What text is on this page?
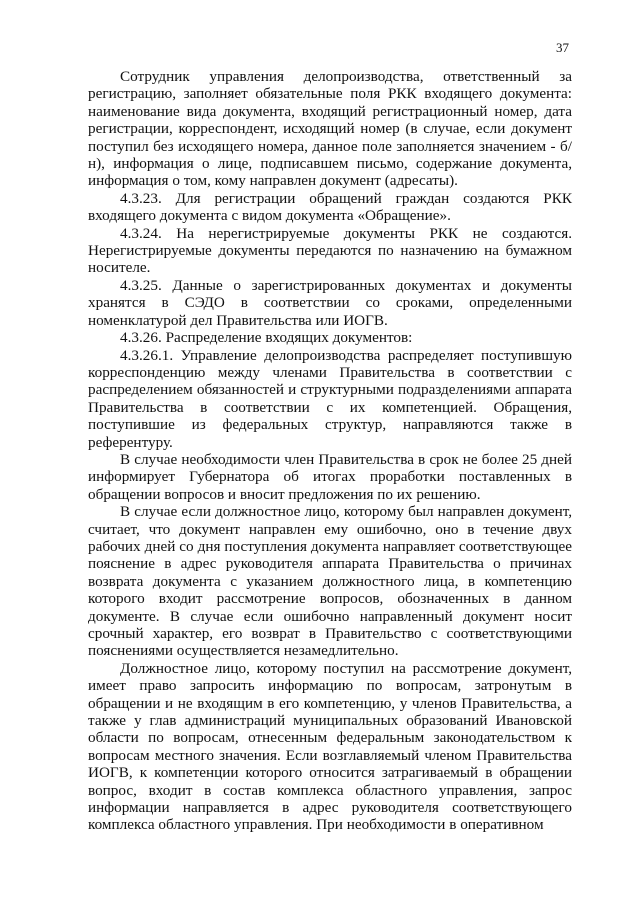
37

Сотрудник управления делопроизводства, ответственный за регистрацию, заполняет обязательные поля РКК входящего документа: наименование вида документа, входящий регистрационный номер, дата регистрации, корреспондент, исходящий номер (в случае, если документ поступил без исходящего номера, данное поле заполняется значением - б/н), информация о лице, подписавшем письмо, содержание документа, информация о том, кому направлен документ (адресаты).

4.3.23. Для регистрации обращений граждан создаются РКК входящего документа с видом документа «Обращение».

4.3.24. На нерегистрируемые документы РКК не создаются. Нерегистрируемые документы передаются по назначению на бумажном носителе.

4.3.25. Данные о зарегистрированных документах и документы хранятся в СЭДО в соответствии со сроками, определенными номенклатурой дел Правительства или ИОГВ.

4.3.26. Распределение входящих документов:

4.3.26.1. Управление делопроизводства распределяет поступившую корреспонденцию между членами Правительства в соответствии с распределением обязанностей и структурными подразделениями аппарата Правительства в соответствии с их компетенцией. Обращения, поступившие из федеральных структур, направляются также в референтуру.

В случае необходимости член Правительства в срок не более 25 дней информирует Губернатора об итогах проработки поставленных в обращении вопросов и вносит предложения по их решению.

В случае если должностное лицо, которому был направлен документ, считает, что документ направлен ему ошибочно, оно в течение двух рабочих дней со дня поступления документа направляет соответствующее пояснение в адрес руководителя аппарата Правительства о причинах возврата документа с указанием должностного лица, в компетенцию которого входит рассмотрение вопросов, обозначенных в данном документе. В случае если ошибочно направленный документ носит срочный характер, его возврат в Правительство с соответствующими пояснениями осуществляется незамедлительно.

Должностное лицо, которому поступил на рассмотрение документ, имеет право запросить информацию по вопросам, затронутым в обращении и не входящим в его компетенцию, у членов Правительства, а также у глав администраций муниципальных образований Ивановской области по вопросам, отнесенным федеральным законодательством к вопросам местного значения. Если возглавляемый членом Правительства ИОГВ, к компетенции которого относится затрагиваемый в обращении вопрос, входит в состав комплекса областного управления, запрос информации направляется в адрес руководителя соответствующего комплекса областного управления. При необходимости в оперативном
